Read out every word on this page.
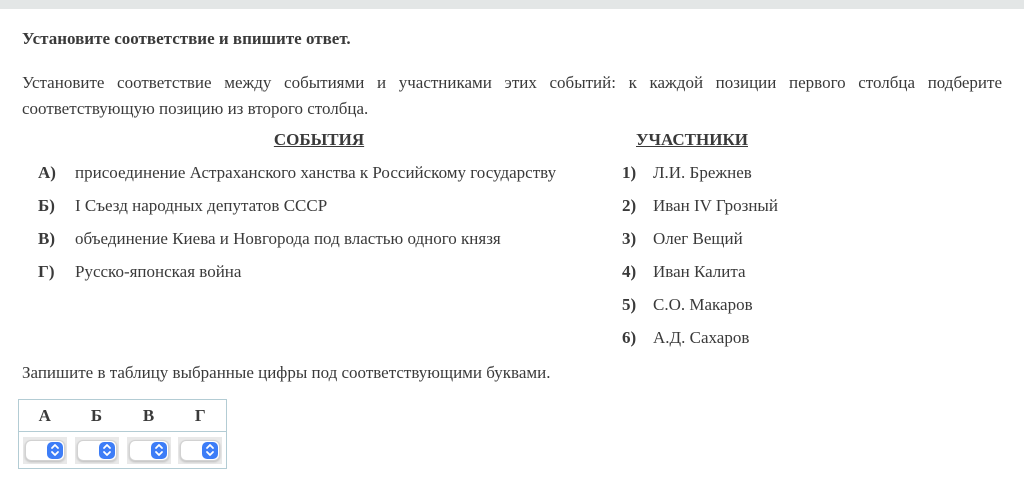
Установите соответствие и впишите ответ.

Установите соответствие между событиями и участниками этих событий: к каждой позиции первого столбца подберите
соответствующую позицию из второго столбца.

СОБЫТИЯ	УЧАСТНИКИ
А)	присоединение Астраханского ханства к Российскому государству
Б)	I Съезд народных депутатов СССР
В)	объединение Киева и Новгорода под властью одного князя
Г)	Русско-японская война
1) Л.И. Брежнев
2) Иван IV Грозный
3) Олег Вещий
4) Иван Калита
5) С.О. Макаров
6) А.Д. Сахаров

Запишите в таблицу выбранные цифры под соответствующими буквами.

А	Б	В	Г
